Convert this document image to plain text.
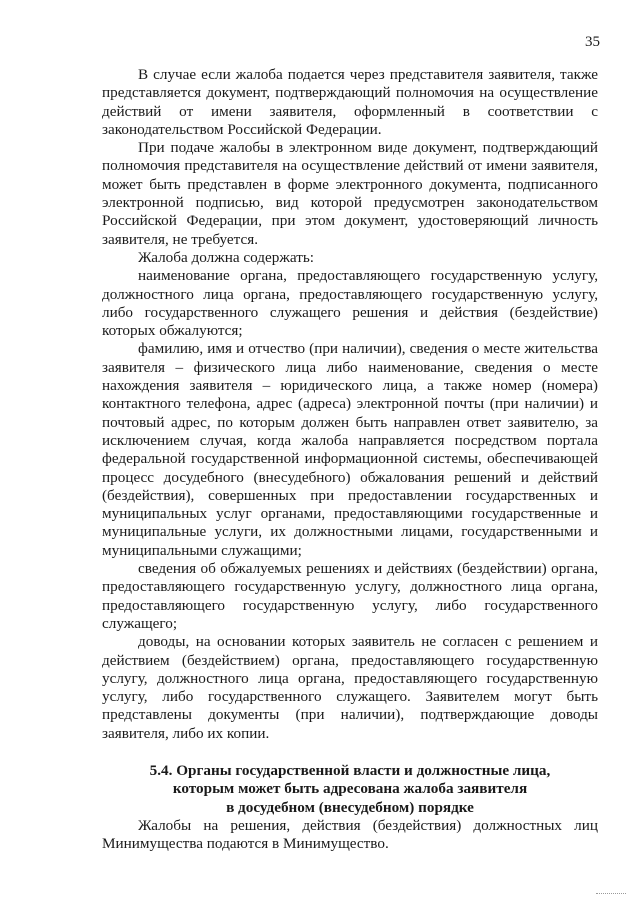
35

В случае если жалоба подается через представителя заявителя, также представляется документ, подтверждающий полномочия на осуществление действий от имени заявителя, оформленный в соответствии с законодательством Российской Федерации.

При подаче жалобы в электронном виде документ, подтверждающий полномочия представителя на осуществление действий от имени заявителя, может быть представлен в форме электронного документа, подписанного электронной подписью, вид которой предусмотрен законодательством Российской Федерации, при этом документ, удостоверяющий личность заявителя, не требуется.

Жалоба должна содержать:

наименование органа, предоставляющего государственную услугу, должностного лица органа, предоставляющего государственную услугу, либо государственного служащего решения и действия (бездействие) которых обжалуются;

фамилию, имя и отчество (при наличии), сведения о месте жительства заявителя – физического лица либо наименование, сведения о месте нахождения заявителя – юридического лица, а также номер (номера) контактного телефона, адрес (адреса) электронной почты (при наличии) и почтовый адрес, по которым должен быть направлен ответ заявителю, за исключением случая, когда жалоба направляется посредством портала федеральной государственной информационной системы, обеспечивающей процесс досудебного (внесудебного) обжалования решений и действий (бездействия), совершенных при предоставлении государственных и муниципальных услуг органами, предоставляющими государственные и муниципальные услуги, их должностными лицами, государственными и муниципальными служащими;

сведения об обжалуемых решениях и действиях (бездействии) органа, предоставляющего государственную услугу, должностного лица органа, предоставляющего государственную услугу, либо государственного служащего;

доводы, на основании которых заявитель не согласен с решением и действием (бездействием) органа, предоставляющего государственную услугу, должностного лица органа, предоставляющего государственную услугу, либо государственного служащего. Заявителем могут быть представлены документы (при наличии), подтверждающие доводы заявителя, либо их копии.

5.4. Органы государственной власти и должностные лица,
которым может быть адресована жалоба заявителя
в досудебном (внесудебном) порядке

Жалобы на решения, действия (бездействия) должностных лиц Минимущества подаются в Минимущество.
